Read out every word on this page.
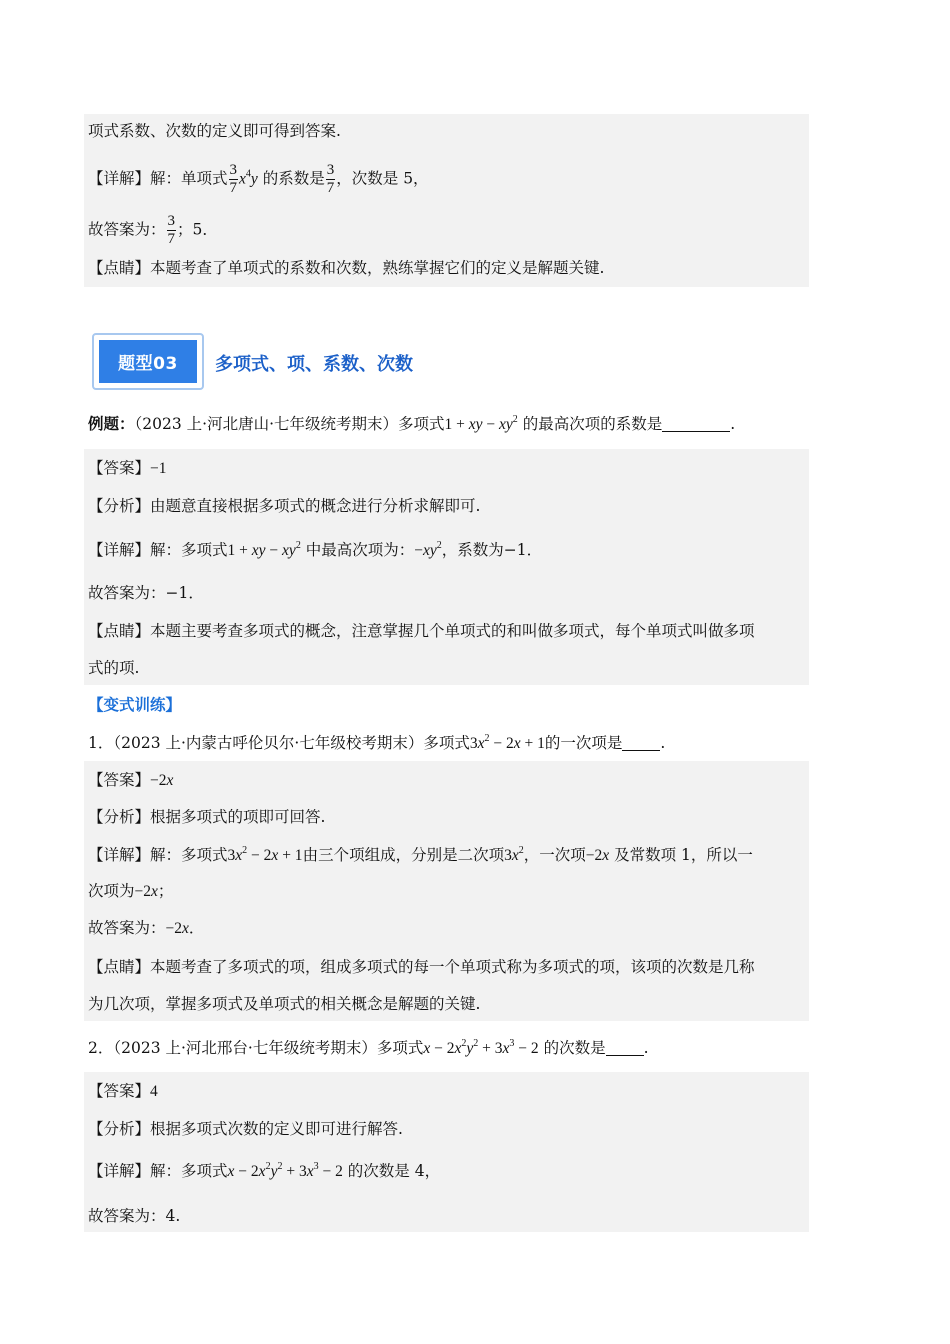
项式系数、次数的定义即可得到答案.
【详解】解：单项式 $\frac{3}{7} x^4y$ 的系数是 $\frac{3}{7}$ ，次数是 5，
故答案为： $\frac{3}{7}$ ；5．
【点睛】本题考查了单项式的系数和次数，熟练掌握它们的定义是解题关键.
题型03	多项式、项、系数、次数
例题：（2023 上·河北唐山·七年级统考期末）多项式1 + xy − $xy^2$ 的最高次项的系数是	.
【答案】−1
【分析】由题意直接根据多项式的概念进行分析求解即可.
【详解】解：多项式1 + xy − $xy^2$ 中最高次项为：$-xy^2$，系数为−1．
故答案为：−1．
【点睛】本题主要考查多项式的概念，注意掌握几个单项式的和叫做多项式，每个单项式叫做多项
式的项.
【变式训练】
1．（2023 上·内蒙古呼伦贝尔·七年级校考期末）多项式$3x^2 - 2x + 1$的一次项是 .
【答案】−2x
【分析】根据多项式的项即可回答.
【详解】解：多项式$3x^2 - 2x + 1$由三个项组成，分别是二次项$3x^2$，一次项−2x 及常数项 1，所以一
次项为−2x；
故答案为：−2x．
【点睛】本题考查了多项式的项，组成多项式的每一个单项式称为多项式的项，该项的次数是几称
为几次项，掌握多项式及单项式的相关概念是解题的关键.
2．（2023 上·河北邢台·七年级统考期末）多项式$x - 2x^2y^2 + 3x^3 - 2$ 的次数是 .
【答案】4
【分析】根据多项式次数的定义即可进行解答.
【详解】解：多项式$x - 2x^2y^2 + 3x^3 - 2$ 的次数是 4，
故答案为：4.
